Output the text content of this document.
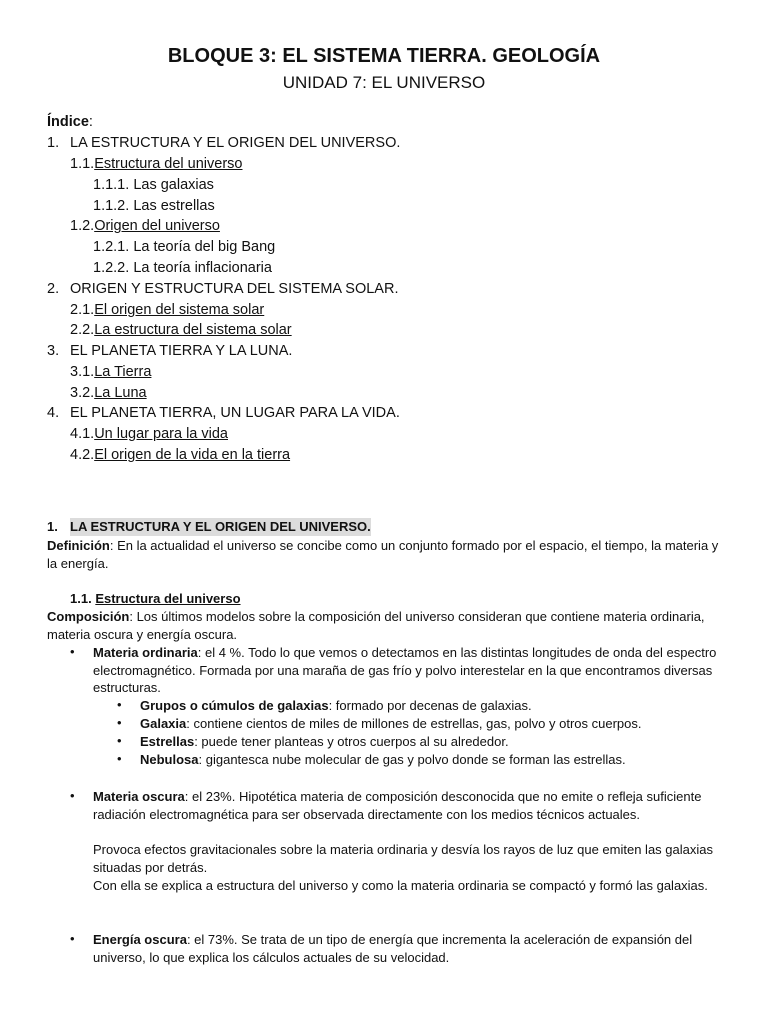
BLOQUE 3: EL SISTEMA TIERRA. GEOLOGÍA
UNIDAD 7: EL UNIVERSO
Índice:
1. LA ESTRUCTURA Y EL ORIGEN DEL UNIVERSO.
1.1.Estructura del universo
1.1.1. Las galaxias
1.1.2. Las estrellas
1.2.Origen del universo
1.2.1. La teoría del big Bang
1.2.2. La teoría inflacionaria
2. ORIGEN Y ESTRUCTURA DEL SISTEMA SOLAR.
2.1.El origen del sistema solar
2.2.La estructura del sistema solar
3. EL PLANETA TIERRA Y LA LUNA.
3.1.La Tierra
3.2.La Luna
4. EL PLANETA TIERRA, UN LUGAR PARA LA VIDA.
4.1.Un lugar para la vida
4.2.El origen de la vida en la tierra
1. LA ESTRUCTURA Y EL ORIGEN DEL UNIVERSO.
Definición: En la actualidad el universo se concibe como un conjunto formado por el espacio, el tiempo, la materia y la energía.
1.1. Estructura del universo
Composición: Los últimos modelos sobre la composición del universo consideran que contiene materia ordinaria, materia oscura y energía oscura.
• Materia ordinaria: el 4 %. Todo lo que vemos o detectamos en las distintas longitudes de onda del espectro electromagnético. Formada por una maraña de gas frío y polvo interestelar en la que encontramos diversas estructuras.
• Grupos o cúmulos de galaxias: formado por decenas de galaxias.
• Galaxia: contiene cientos de miles de millones de estrellas, gas, polvo y otros cuerpos.
• Estrellas: puede tener planteas y otros cuerpos al su alrededor.
• Nebulosa: gigantesca nube molecular de gas y polvo donde se forman las estrellas.
• Materia oscura: el 23%. Hipotética materia de composición desconocida que no emite o refleja suficiente radiación electromagnética para ser observada directamente con los medios técnicos actuales.
Provoca efectos gravitacionales sobre la materia ordinaria y desvía los rayos de luz que emiten las galaxias situadas por detrás.
Con ella se explica a estructura del universo y como la materia ordinaria se compactó y formó las galaxias.
• Energía oscura: el 73%. Se trata de un tipo de energía que incrementa la aceleración de expansión del universo, lo que explica los cálculos actuales de su velocidad.
